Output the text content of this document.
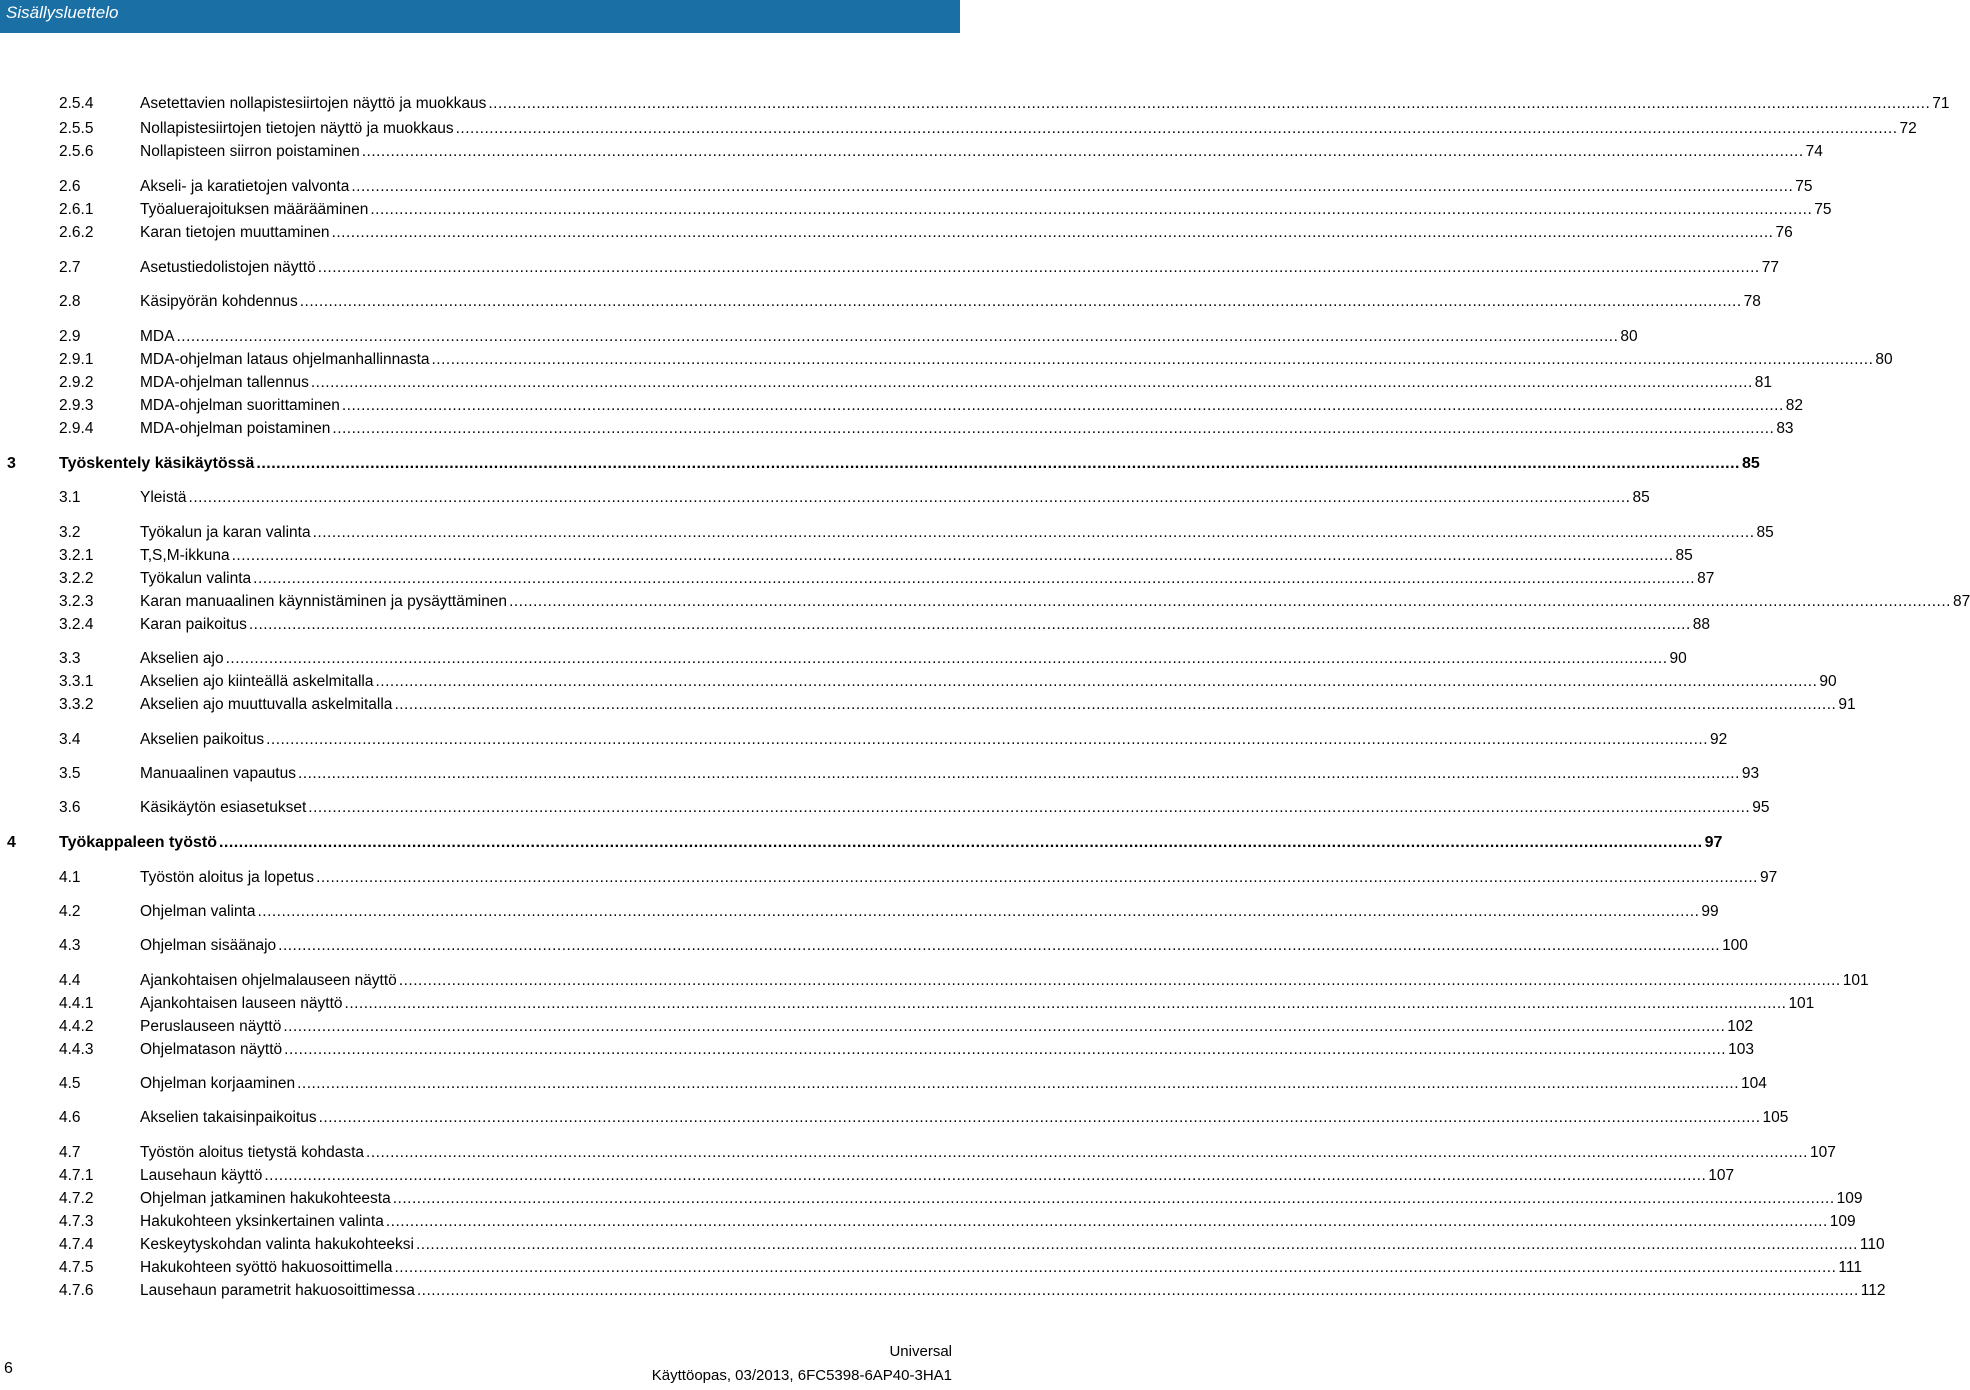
Sisällysluettelo
2.5.4	Asetettavien nollapistesiirtojen näyttö ja muokkaus ............................................................................................................................................................................................................................................................................................................ 71
2.5.5	Nollapistesiirtojen tietojen näyttö ja muokkaus ............................................................................................................................................................................................................................................................................................................ 72
2.5.6	Nollapisteen siirron poistaminen ............................................................................................................................................................................................................................................................................................................ 74
2.6	Akseli- ja karatietojen valvonta ............................................................................................................................................................................................................................................................................................................ 75
2.6.1	Työaluerajoituksen määrääminen ............................................................................................................................................................................................................................................................................................................ 75
2.6.2	Karan tietojen muuttaminen ............................................................................................................................................................................................................................................................................................................ 76
2.7	Asetustiedolistojen näyttö ............................................................................................................................................................................................................................................................................................................ 77
2.8	Käsipyörän kohdennus ............................................................................................................................................................................................................................................................................................................ 78
2.9	MDA ............................................................................................................................................................................................................................................................................................................ 80
2.9.1	MDA-ohjelman lataus ohjelmanhallinnasta ............................................................................................................................................................................................................................................................................................................ 80
2.9.2	MDA-ohjelman tallennus ............................................................................................................................................................................................................................................................................................................ 81
2.9.3	MDA-ohjelman suorittaminen ............................................................................................................................................................................................................................................................................................................ 82
2.9.4	MDA-ohjelman poistaminen ............................................................................................................................................................................................................................................................................................................ 83
3	Työskentely käsikäytössä ............................................................................................................................................................................................................................................................................................................ 85
3.1	Yleistä ............................................................................................................................................................................................................................................................................................................ 85
3.2	Työkalun ja karan valinta ............................................................................................................................................................................................................................................................................................................ 85
3.2.1	T,S,M-ikkuna ............................................................................................................................................................................................................................................................................................................ 85
3.2.2	Työkalun valinta ............................................................................................................................................................................................................................................................................................................ 87
3.2.3	Karan manuaalinen käynnistäminen ja pysäyttäminen ............................................................................................................................................................................................................................................................................................................ 87
3.2.4	Karan paikoitus ............................................................................................................................................................................................................................................................................................................ 88
3.3	Akselien ajo ............................................................................................................................................................................................................................................................................................................ 90
3.3.1	Akselien ajo kiinteällä askelmitalla ............................................................................................................................................................................................................................................................................................................ 90
3.3.2	Akselien ajo muuttuvalla askelmitalla ............................................................................................................................................................................................................................................................................................................ 91
3.4	Akselien paikoitus ............................................................................................................................................................................................................................................................................................................ 92
3.5	Manuaalinen vapautus ............................................................................................................................................................................................................................................................................................................ 93
3.6	Käsikäytön esiasetukset ............................................................................................................................................................................................................................................................................................................ 95
4	Työkappaleen työstö ............................................................................................................................................................................................................................................................................................................ 97
4.1	Työstön aloitus ja lopetus ............................................................................................................................................................................................................................................................................................................ 97
4.2	Ohjelman valinta ............................................................................................................................................................................................................................................................................................................ 99
4.3	Ohjelman sisäänajo ............................................................................................................................................................................................................................................................................................................ 100
4.4	Ajankohtaisen ohjelmalauseen näyttö ............................................................................................................................................................................................................................................................................................................ 101
4.4.1	Ajankohtaisen lauseen näyttö ............................................................................................................................................................................................................................................................................................................ 101
4.4.2	Peruslauseen näyttö ............................................................................................................................................................................................................................................................................................................ 102
4.4.3	Ohjelmatason näyttö ............................................................................................................................................................................................................................................................................................................ 103
4.5	Ohjelman korjaaminen ............................................................................................................................................................................................................................................................................................................ 104
4.6	Akselien takaisinpaikoitus ............................................................................................................................................................................................................................................................................................................ 105
4.7	Työstön aloitus tietystä kohdasta ............................................................................................................................................................................................................................................................................................................ 107
4.7.1	Lausehaun käyttö ............................................................................................................................................................................................................................................................................................................ 107
4.7.2	Ohjelman jatkaminen hakukohteesta ............................................................................................................................................................................................................................................................................................................ 109
4.7.3	Hakukohteen yksinkertainen valinta ............................................................................................................................................................................................................................................................................................................ 109
4.7.4	Keskeytyskohdan valinta hakukohteeksi ............................................................................................................................................................................................................................................................................................................ 110
4.7.5	Hakukohteen syöttö hakuosoittimella ............................................................................................................................................................................................................................................................................................................ 111
4.7.6	Lausehaun parametrit hakuosoittimessa ............................................................................................................................................................................................................................................................................................................ 112
6
Universal
Käyttöopas, 03/2013, 6FC5398-6AP40-3HA1
